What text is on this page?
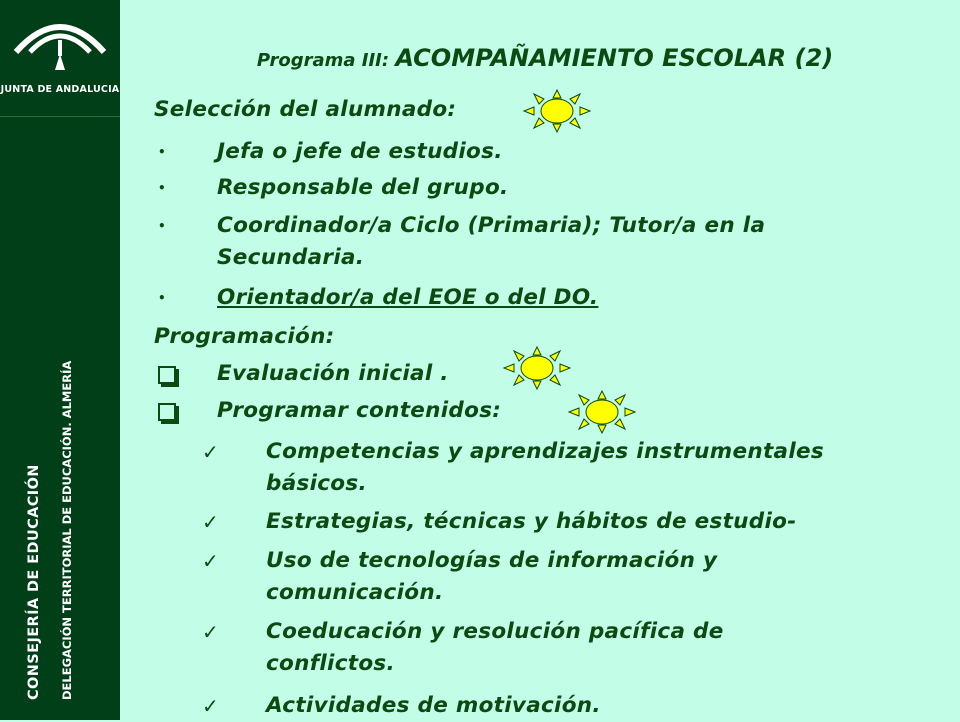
JUNTA DE ANDALUCIA
CONSEJERÍA DE EDUCACIÓN DELEGACIÓN TERRITORIAL DE EDUCACIÓN. ALMERÍA
Programa III: ACOMPAÑAMIENTO ESCOLAR (2)
Selección del alumnado:
• Jefa o jefe de estudios.
• Responsable del grupo.
• Coordinador/a Ciclo (Primaria); Tutor/a en la
Secundaria.
• Orientador/a del EOE o del DO.
Programación:
Evaluación inicial .
Programar contenidos:
✓ Competencias y aprendizajes instrumentales
básicos.
✓ Estrategias, técnicas y hábitos de estudio-
✓ Uso de tecnologías de información y
comunicación.
✓ Coeducación y resolución pacífica de
conflictos.
✓ Actividades de motivación.
